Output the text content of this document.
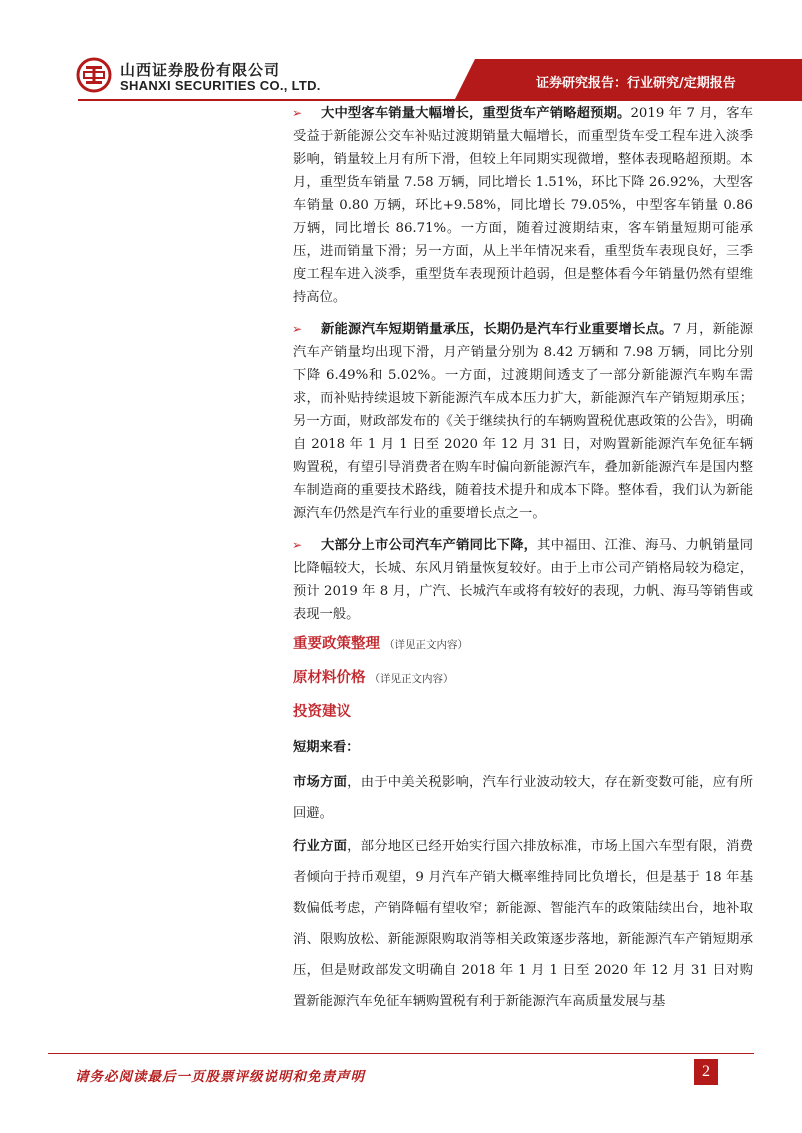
山西证券股份有限公司
SHANXI SECURITIES CO., LTD.	证券研究报告：行业研究/定期报告

➢ 大中型客车销量大幅增长，重型货车产销略超预期。2019 年 7 月，客车受益于新能源公交车补贴过渡期销量大幅增长，而重型货车受工程车进入淡季影响，销量较上月有所下滑，但较上年同期实现微增，整体表现略超预期。本月，重型货车销量 7.58 万辆，同比增长 1.51%，环比下降 26.92%，大型客车销量 0.80 万辆，环比+9.58%，同比增长 79.05%，中型客车销量 0.86 万辆，同比增长 86.71%。一方面，随着过渡期结束，客车销量短期可能承压，进而销量下滑；另一方面，从上半年情况来看，重型货车表现良好，三季度工程车进入淡季，重型货车表现预计趋弱，但是整体看今年销量仍然有望维持高位。

➢ 新能源汽车短期销量承压，长期仍是汽车行业重要增长点。7 月，新能源汽车产销量均出现下滑，月产销量分别为 8.42 万辆和 7.98 万辆，同比分别下降 6.49%和 5.02%。一方面，过渡期间透支了一部分新能源汽车购车需求，而补贴持续退坡下新能源汽车成本压力扩大，新能源汽车产销短期承压；另一方面，财政部发布的《关于继续执行的车辆购置税优惠政策的公告》，明确自 2018 年 1 月 1 日至 2020 年 12 月 31 日，对购置新能源汽车免征车辆购置税，有望引导消费者在购车时偏向新能源汽车，叠加新能源汽车是国内整车制造商的重要技术路线，随着技术提升和成本下降。整体看，我们认为新能源汽车仍然是汽车行业的重要增长点之一。

➢ 大部分上市公司汽车产销同比下降，其中福田、江淮、海马、力帆销量同比降幅较大，长城、东风月销量恢复较好。由于上市公司产销格局较为稳定，预计 2019 年 8 月，广汽、长城汽车或将有较好的表现，力帆、海马等销售或表现一般。

重要政策整理 （详见正文内容）

原材料价格 （详见正文内容）

投资建议

短期来看：

市场方面，由于中美关税影响，汽车行业波动较大，存在新变数可能，应有所回避。

行业方面，部分地区已经开始实行国六排放标准，市场上国六车型有限，消费者倾向于持币观望，9 月汽车产销大概率维持同比负增长，但是基于 18 年基数偏低考虑，产销降幅有望收窄；新能源、智能汽车的政策陆续出台，地补取消、限购放松、新能源限购取消等相关政策逐步落地，新能源汽车产销短期承压，但是财政部发文明确自 2018 年 1 月 1 日至 2020 年 12 月 31 日对购置新能源汽车免征车辆购置税有利于新能源汽车高质量发展与基

请务必阅读最后一页股票评级说明和免责声明	2
